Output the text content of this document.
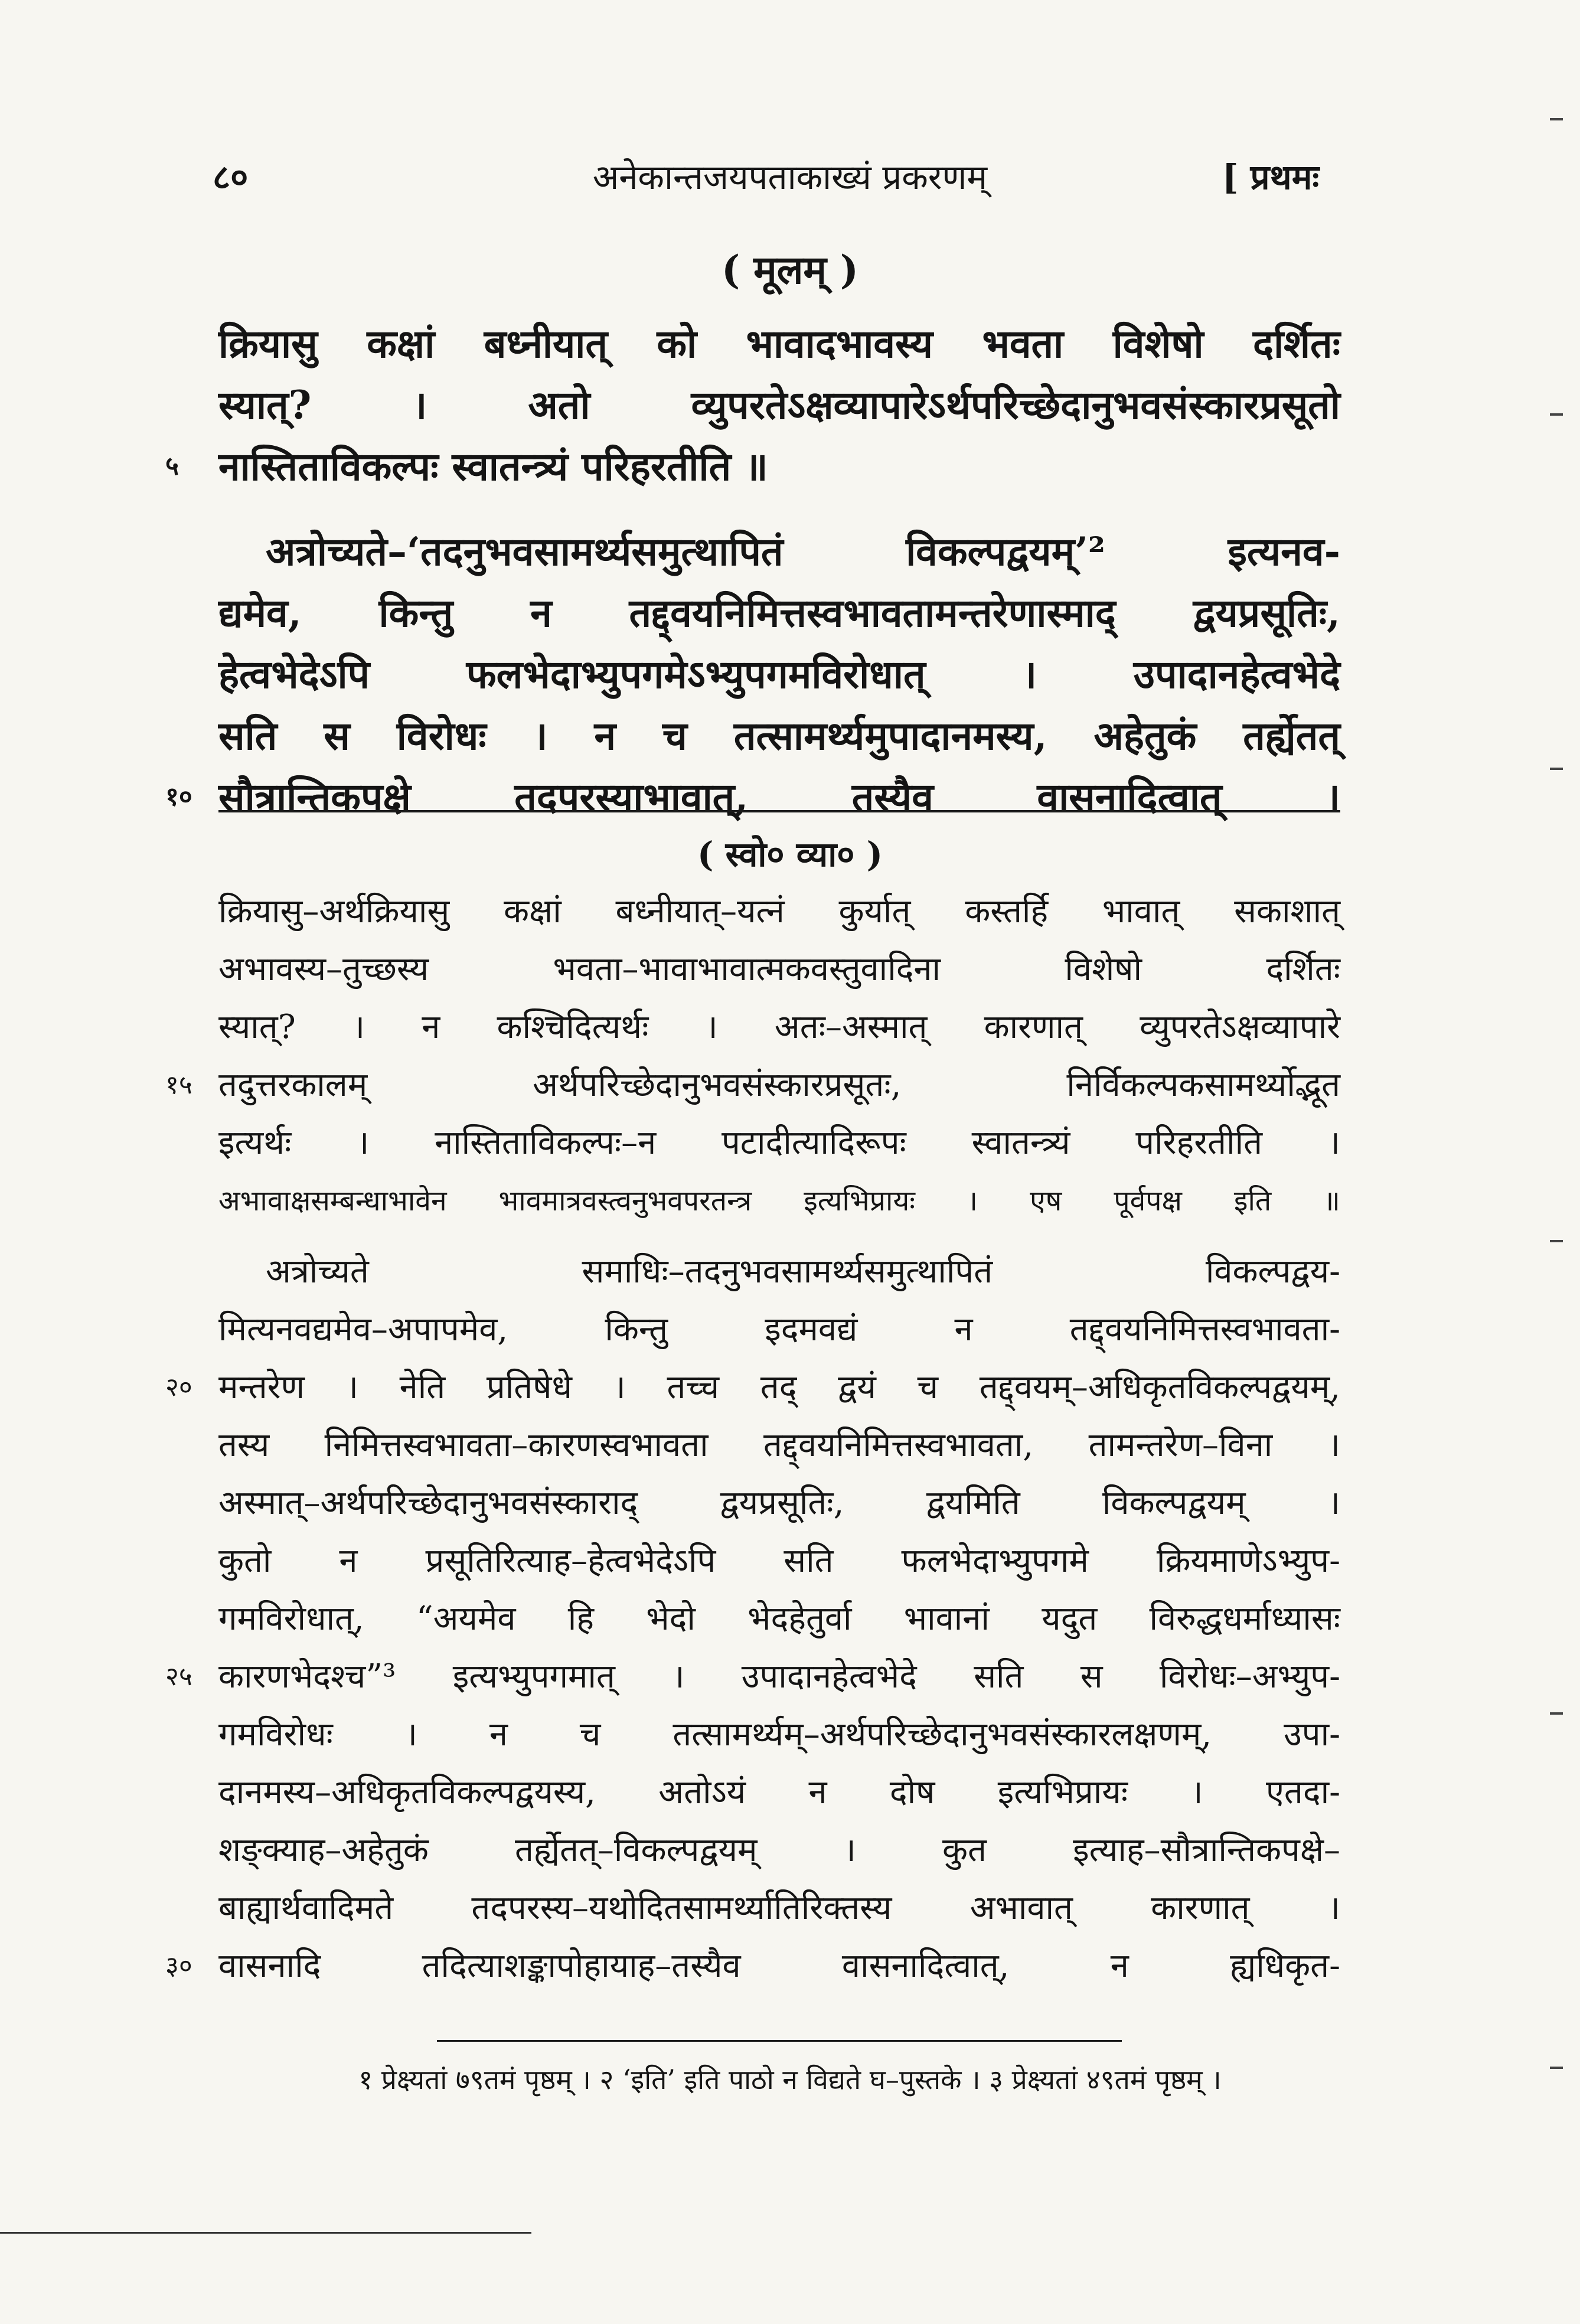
अनेकान्तजयपताकाख्यं प्रकरणम्
८०	[ प्रथमः
( मूलम् )
क्रियासु कक्षां बध्नीयात् को भावादभावस्य भवता विशेषो दर्शितः
स्यात्? । अतो व्युपरतेऽक्षव्यापारेऽर्थपरिच्छेदानुभवसंस्कारप्रसूतो
५ नास्तिताविकल्पः स्वातन्त्र्यं परिहरतीति ॥
अत्रोच्यते–‘तदनुभवसामर्थ्यसमुत्थापितं विकल्पद्वयम्’² इत्यनव-
द्यमेव, किन्तु न तद्द्वयनिमित्तस्वभावतामन्तरेणास्माद् द्वयप्रसूतिः,
हेत्वभेदेऽपि फलभेदाभ्युपगमेऽभ्युपगमविरोधात् । उपादानहेत्वभेदे
सति स विरोधः । न च तत्सामर्थ्यमुपादानमस्य, अहेतुकं तर्ह्येतत्
१० सौत्रान्तिकपक्षे तदपरस्याभावात्, तस्यैव वासनादित्वात् ।
( स्वो० व्या० )
क्रियासु–अर्थक्रियासु कक्षां बध्नीयात्–यत्नं कुर्यात् कस्तर्हि भावात् सकाशात्
अभावस्य–तुच्छस्य भवता–भावाभावात्मकवस्तुवादिना विशेषो दर्शितः
स्यात्? । न कश्चिदित्यर्थः । अतः–अस्मात् कारणात् व्युपरतेऽक्षव्यापारे
१५ तदुत्तरकालम् अर्थपरिच्छेदानुभवसंस्कारप्रसूतः, निर्विकल्पकसामर्थ्योद्भूत
इत्यर्थः । नास्तिताविकल्पः–न पटादीत्यादिरूपः स्वातन्त्र्यं परिहरतीति ।
अभावाक्षसम्बन्धाभावेन भावमात्रवस्त्वनुभवपरतन्त्र इत्यभिप्रायः । एष पूर्वपक्ष इति ॥
अत्रोच्यते समाधिः–तदनुभवसामर्थ्यसमुत्थापितं विकल्पद्वय-
मित्यनवद्यमेव–अपापमेव, किन्तु इदमवद्यं न तद्द्वयनिमित्तस्वभावता-
२० मन्तरेण । नेति प्रतिषेधे । तच्च तद् द्वयं च तद्द्वयम्–अधिकृतविकल्पद्वयम्,
तस्य निमित्तस्वभावता–कारणस्वभावता तद्द्वयनिमित्तस्वभावता, तामन्तरेण–विना ।
अस्मात्–अर्थपरिच्छेदानुभवसंस्काराद् द्वयप्रसूतिः, द्वयमिति विकल्पद्वयम् ।
कुतो न प्रसूतिरित्याह–हेत्वभेदेऽपि सति फलभेदाभ्युपगमे क्रियमाणेऽभ्युप-
गमविरोधात्, “अयमेव हि भेदो भेदहेतुर्वा भावानां यदुत विरुद्धधर्माध्यासः
२५ कारणभेदश्च”³ इत्यभ्युपगमात् । उपादानहेत्वभेदे सति स विरोधः–अभ्युप-
गमविरोधः । न च तत्सामर्थ्यम्–अर्थपरिच्छेदानुभवसंस्कारलक्षणम्, उपा-
दानमस्य–अधिकृतविकल्पद्वयस्य, अतोऽयं न दोष इत्यभिप्रायः । एतदा-
शङ्क्याह–अहेतुकं तर्ह्येतत्–विकल्पद्वयम् । कुत इत्याह–सौत्रान्तिकपक्षे–
बाह्यार्थवादिमते तदपरस्य–यथोदितसामर्थ्यातिरिक्तस्य अभावात् कारणात् ।
३० वासनादि तदित्याशङ्कापोहायाह–तस्यैव वासनादित्वात्, न ह्यधिकृत-
१ प्रेक्ष्यतां ७९तमं पृष्ठम् । २ ‘इति’ इति पाठो न विद्यते घ–पुस्तके । ३ प्रेक्ष्यतां ४९तमं पृष्ठम् ।
